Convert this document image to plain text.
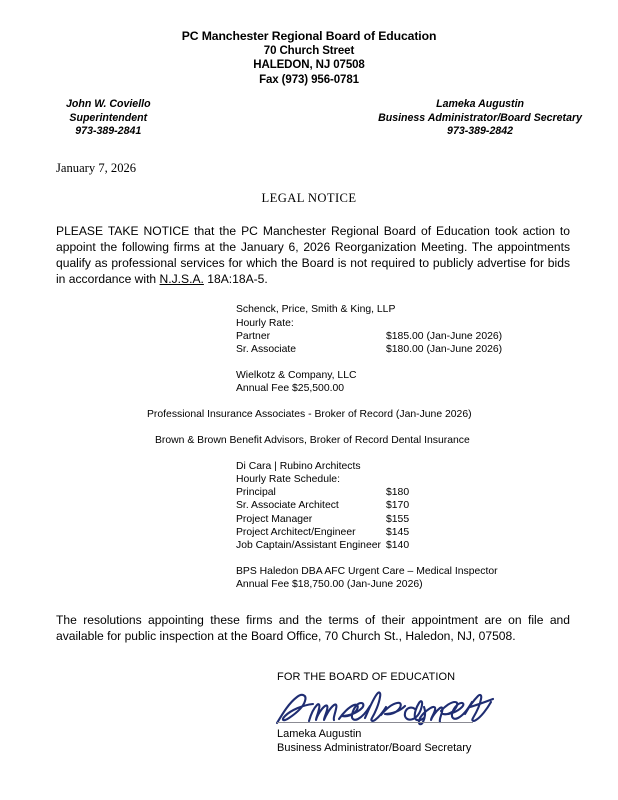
PC Manchester Regional Board of Education
70 Church Street
HALEDON, NJ 07508
Fax (973) 956-0781
John W. Coviello
Superintendent
973-389-2841
Lameka Augustin
Business Administrator/Board Secretary
973-389-2842
January 7, 2026
LEGAL NOTICE

PLEASE TAKE NOTICE that the PC Manchester Regional Board of Education took action to appoint the following firms at the January 6, 2026 Reorganization Meeting. The appointments qualify as professional services for which the Board is not required to publicly advertise for bids in accordance with N.J.S.A. 18A:18A-5.

Schenck, Price, Smith & King, LLP
Hourly Rate:
Partner	$185.00 (Jan-June 2026)
Sr. Associate	$180.00 (Jan-June 2026)
Wielkotz & Company, LLC
Annual Fee $25,500.00
Professional Insurance Associates - Broker of Record (Jan-June 2026)
Brown & Brown Benefit Advisors, Broker of Record Dental Insurance
Di Cara | Rubino Architects
Hourly Rate Schedule:
Principal	$180
Sr. Associate Architect	$170
Project Manager	$155
Project Architect/Engineer	$145
Job Captain/Assistant Engineer $140
BPS Haledon DBA AFC Urgent Care – Medical Inspector
Annual Fee $18,750.00 (Jan-June 2026)

The resolutions appointing these firms and the terms of their appointment are on file and available for public inspection at the Board Office, 70 Church St., Haledon, NJ, 07508.

FOR THE BOARD OF EDUCATION
Lameka Augustin
Business Administrator/Board Secretary
